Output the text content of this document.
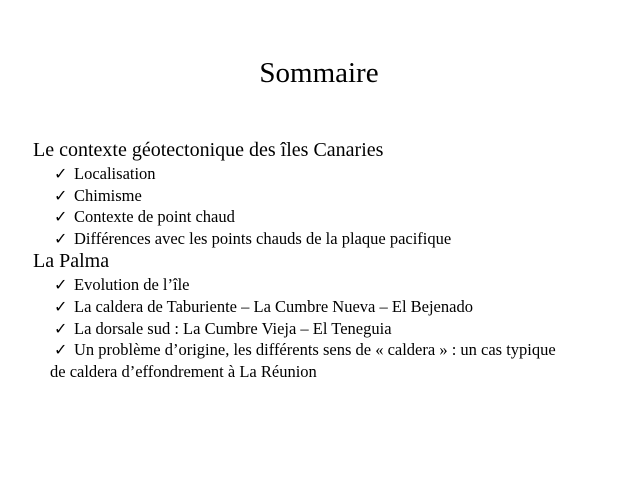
Sommaire
Le contexte géotectonique des îles Canaries
✓ Localisation
✓ Chimisme
✓ Contexte de point chaud
✓ Différences avec les points chauds de la plaque pacifique
La Palma
✓ Evolution de l’île
✓ La caldera de Taburiente – La Cumbre Nueva – El Bejenado
✓ La dorsale sud : La Cumbre Vieja – El Teneguia
✓ Un problème d’origine, les différents sens de « caldera » : un cas typique
de caldera d’effondrement à La Réunion
